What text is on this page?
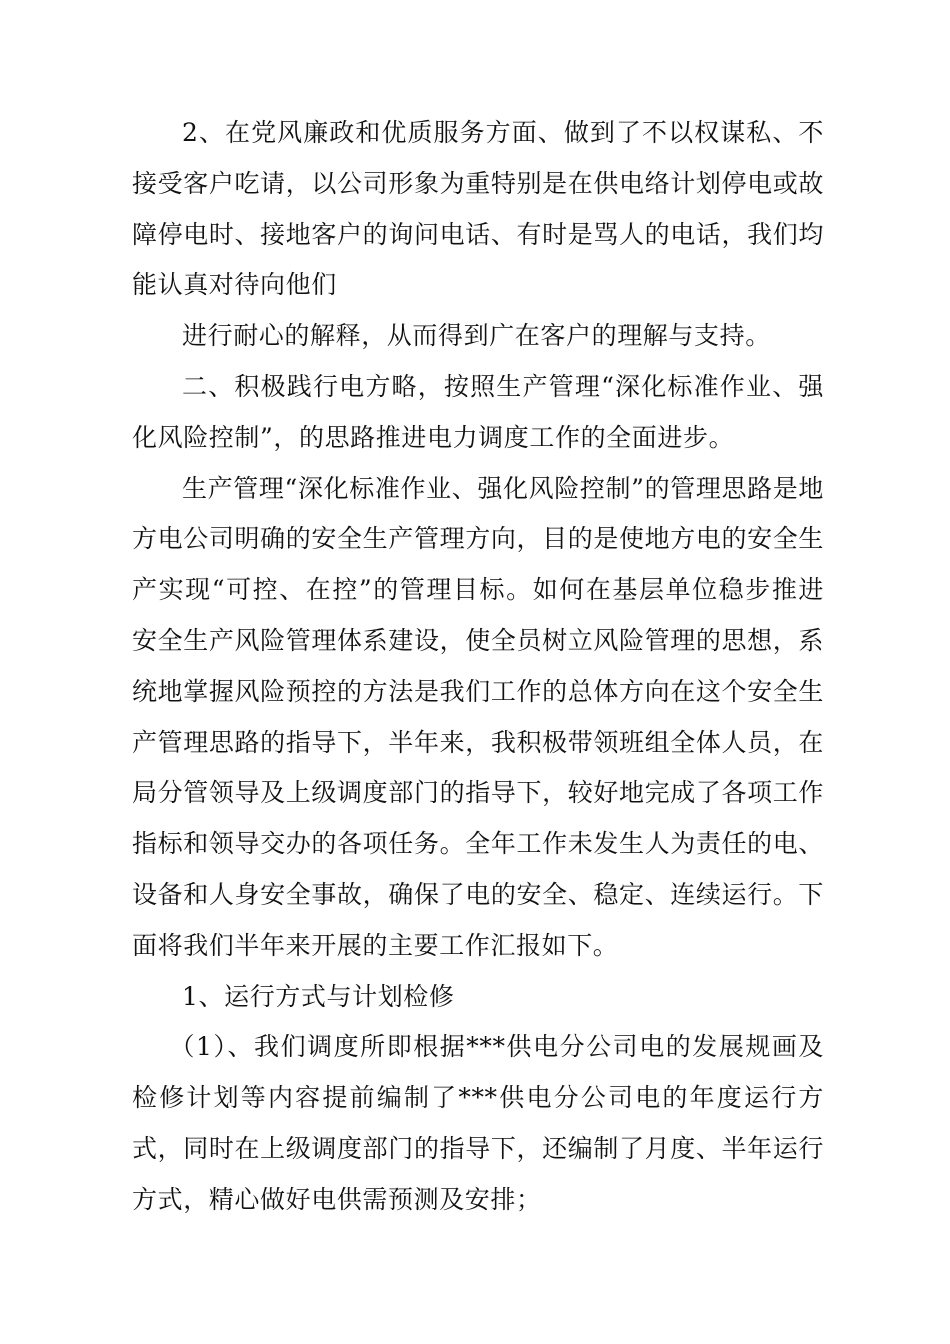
2、在党风廉政和优质服务方面、做到了不以权谋私、不接受客户吃请，以公司形象为重特别是在供电络计划停电或故障停电时、接地客户的询问电话、有时是骂人的电话，我们均能认真对待向他们

进行耐心的解释，从而得到广在客户的理解与支持。

二、积极践行电方略，按照生产管理“深化标准作业、强化风险控制”，的思路推进电力调度工作的全面进步。

生产管理“深化标准作业、强化风险控制”的管理思路是地方电公司明确的安全生产管理方向，目的是使地方电的安全生产实现“可控、在控”的管理目标。如何在基层单位稳步推进安全生产风险管理体系建设，使全员树立风险管理的思想，系统地掌握风险预控的方法是我们工作的总体方向在这个安全生产管理思路的指导下，半年来，我积极带领班组全体人员，在局分管领导及上级调度部门的指导下，较好地完成了各项工作指标和领导交办的各项任务。全年工作未发生人为责任的电、设备和人身安全事故，确保了电的安全、稳定、连续运行。下面将我们半年来开展的主要工作汇报如下。

1、运行方式与计划检修

（1）、我们调度所即根据***供电分公司电的发展规画及检修计划等内容提前编制了***供电分公司电的年度运行方式，同时在上级调度部门的指导下，还编制了月度、半年运行方式，精心做好电供需预测及安排；
